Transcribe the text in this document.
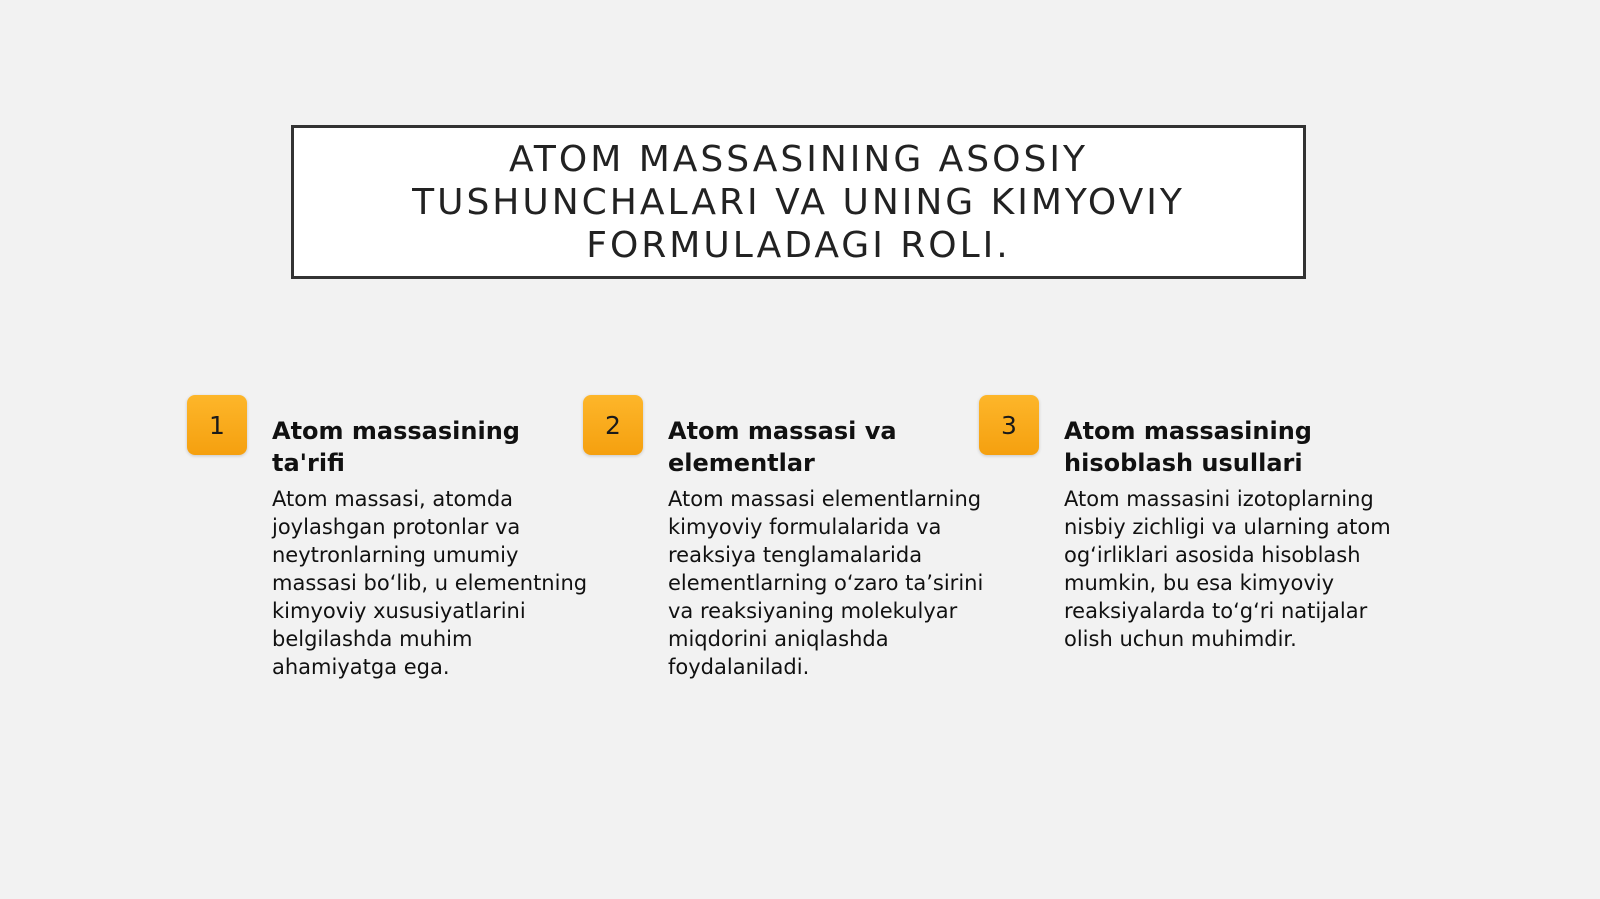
ATOM MASSASINING ASOSIY TUSHUNCHALARI VA UNING KIMYOVIY FORMULADAGI ROLI.
1	Atom massasining ta'rifi

Atom massasi, atomda joylashgan protonlar va neytronlarning umumiy massasi bo‘lib, u elementning kimyoviy xususiyatlarini belgilashda muhim ahamiyatga ega.

2	Atom massasi va elementlar

Atom massasi elementlarning kimyoviy formulalarida va reaksiya tenglamalarida elementlarning o‘zaro ta’sirini va reaksiyaning molekulyar miqdorini aniqlashda foydalaniladi.

3	Atom massasining hisoblash usullari

Atom massasini izotoplarning nisbiy zichligi va ularning atom og‘irliklari asosida hisoblash mumkin, bu esa kimyoviy reaksiyalarda to‘g‘ri natijalar olish uchun muhimdir.
